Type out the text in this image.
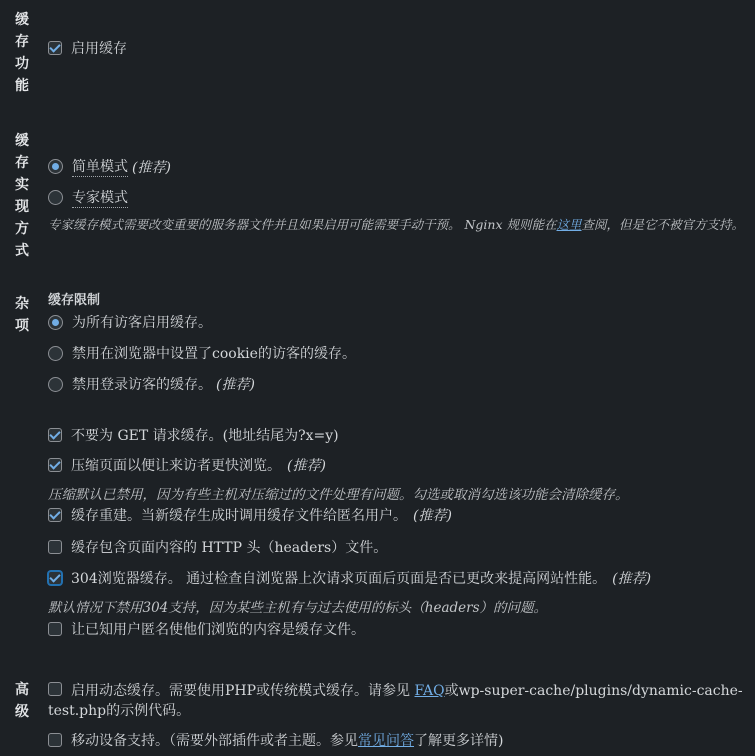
缓
存
功
能
缓
存
实
现
方
式
杂
项
高
级
启用缓存
简单模式 (推荐)
专家模式
专家缓存模式需要改变重要的服务器文件并且如果启用可能需要手动干预。 Nginx 规则能在这里查阅，但是它不被官方支持。
缓存限制
为所有访客启用缓存。
禁用在浏览器中设置了cookie的访客的缓存。
禁用登录访客的缓存。 (推荐)
不要为 GET 请求缓存。(地址结尾为?x=y)
压缩页面以便让来访者更快浏览。 (推荐)
压缩默认已禁用，因为有些主机对压缩过的文件处理有问题。勾选或取消勾选该功能会清除缓存。
缓存重建。当新缓存生成时调用缓存文件给匿名用户。 (推荐)
缓存包含页面内容的 HTTP 头（headers）文件。
304浏览器缓存。 通过检查自浏览器上次请求页面后页面是否已更改来提高网站性能。 (推荐)
默认情况下禁用304支持，因为某些主机有与过去使用的标头（headers）的问题。
让已知用户匿名使他们浏览的内容是缓存文件。
启用动态缓存。需要使用PHP或传统模式缓存。请参见 FAQ或wp-super-cache/plugins/dynamic-cache-
test.php的示例代码。
移动设备支持。（需要外部插件或者主题。参见常见问答了解更多详情)
